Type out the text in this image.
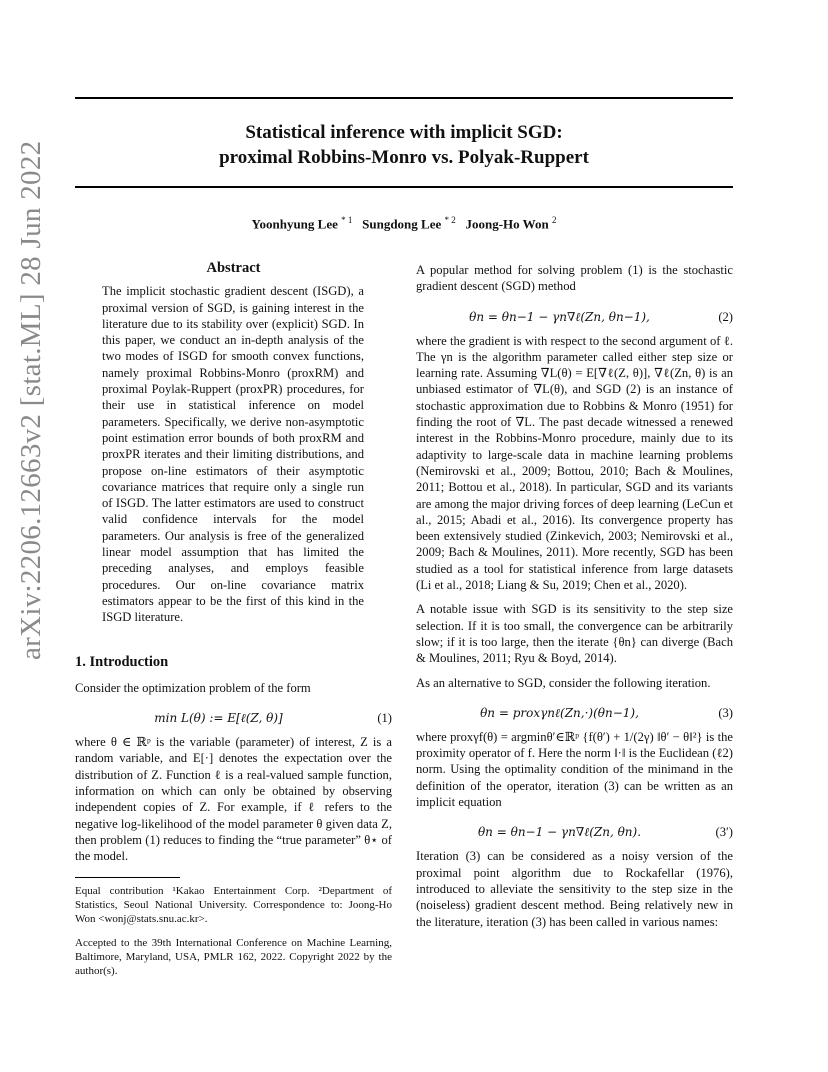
arXiv:2206.12663v2 [stat.ML] 28 Jun 2022
Statistical inference with implicit SGD:
proximal Robbins-Monro vs. Polyak-Ruppert
Yoonhyung Lee $^{* 1}$ Sungdong Lee $^{* 2}$ Joong-Ho Won $^2$
Abstract

The implicit stochastic gradient descent (ISGD), a proximal version of SGD, is gaining interest in the literature due to its stability over (explicit) SGD. In this paper, we conduct an in-depth analysis of the two modes of ISGD for smooth convex functions, namely proximal Robbins-Monro (proxRM) and proximal Poylak-Ruppert (proxPR) procedures, for their use in statistical inference on model parameters. Specifically, we derive non-asymptotic point estimation error bounds of both proxRM and proxPR iterates and their limiting distributions, and propose on-line estimators of their asymptotic covariance matrices that require only a single run of ISGD. The latter estimators are used to construct valid confidence intervals for the model parameters. Our analysis is free of the generalized linear model assumption that has limited the preceding analyses, and employs feasible procedures. Our on-line covariance matrix estimators appear to be the first of this kind in the ISGD literature.

1. Introduction

Consider the optimization problem of the form

min L(θ) := E[ℓ(Z, θ)]	(1)

where θ ∈ ℝᵖ is the variable (parameter) of interest, Z is a random variable, and E[·] denotes the expectation over the distribution of Z. Function ℓ is a real-valued sample function, information on which can only be obtained by observing independent copies of Z. For example, if ℓ refers to the negative log-likelihood of the model parameter θ given data Z, then problem (1) reduces to finding the “true parameter” θ⋆ of the model.

Equal contribution ¹Kakao Entertainment Corp. ²Department of Statistics, Seoul National University. Correspondence to: Joong-Ho Won <wonj@stats.snu.ac.kr>.

Accepted to the 39th International Conference on Machine Learning, Baltimore, Maryland, USA, PMLR 162, 2022. Copyright 2022 by the author(s).

A popular method for solving problem (1) is the stochastic gradient descent (SGD) method

θn = θn−1 − γn∇ℓ(Zn, θn−1),	(2)

where the gradient is with respect to the second argument of ℓ. The γn is the algorithm parameter called either step size or learning rate. Assuming ∇L(θ) = E[∇ℓ(Z, θ)], ∇ℓ(Zn, θ) is an unbiased estimator of ∇L(θ), and SGD (2) is an instance of stochastic approximation due to Robbins & Monro (1951) for finding the root of ∇L. The past decade witnessed a renewed interest in the Robbins-Monro procedure, mainly due to its adaptivity to large-scale data in machine learning problems (Nemirovski et al., 2009; Bottou, 2010; Bach & Moulines, 2011; Bottou et al., 2018). In particular, SGD and its variants are among the major driving forces of deep learning (LeCun et al., 2015; Abadi et al., 2016). Its convergence property has been extensively studied (Zinkevich, 2003; Nemirovski et al., 2009; Bach & Moulines, 2011). More recently, SGD has been studied as a tool for statistical inference from large datasets (Li et al., 2018; Liang & Su, 2019; Chen et al., 2020).

A notable issue with SGD is its sensitivity to the step size selection. If it is too small, the convergence can be arbitrarily slow; if it is too large, then the iterate {θn} can diverge (Bach & Moulines, 2011; Ryu & Boyd, 2014).

As an alternative to SGD, consider the following iteration.

θn = proxγnℓ(Zn,·)(θn−1),	(3)

where proxγf(θ) = argminθ′∈ℝᵖ {f(θ′) + 1/(2γ) ‖θ′ − θ‖²} is the proximity operator of f. Here the norm ‖·‖ is the Euclidean (ℓ2) norm. Using the optimality condition of the minimand in the definition of the operator, iteration (3) can be written as an implicit equation

θn = θn−1 − γn∇ℓ(Zn, θn).	(3′)

Iteration (3) can be considered as a noisy version of the proximal point algorithm due to Rockafellar (1976), introduced to alleviate the sensitivity to the step size in the (noiseless) gradient descent method. Being relatively new in the literature, iteration (3) has been called in various names:
